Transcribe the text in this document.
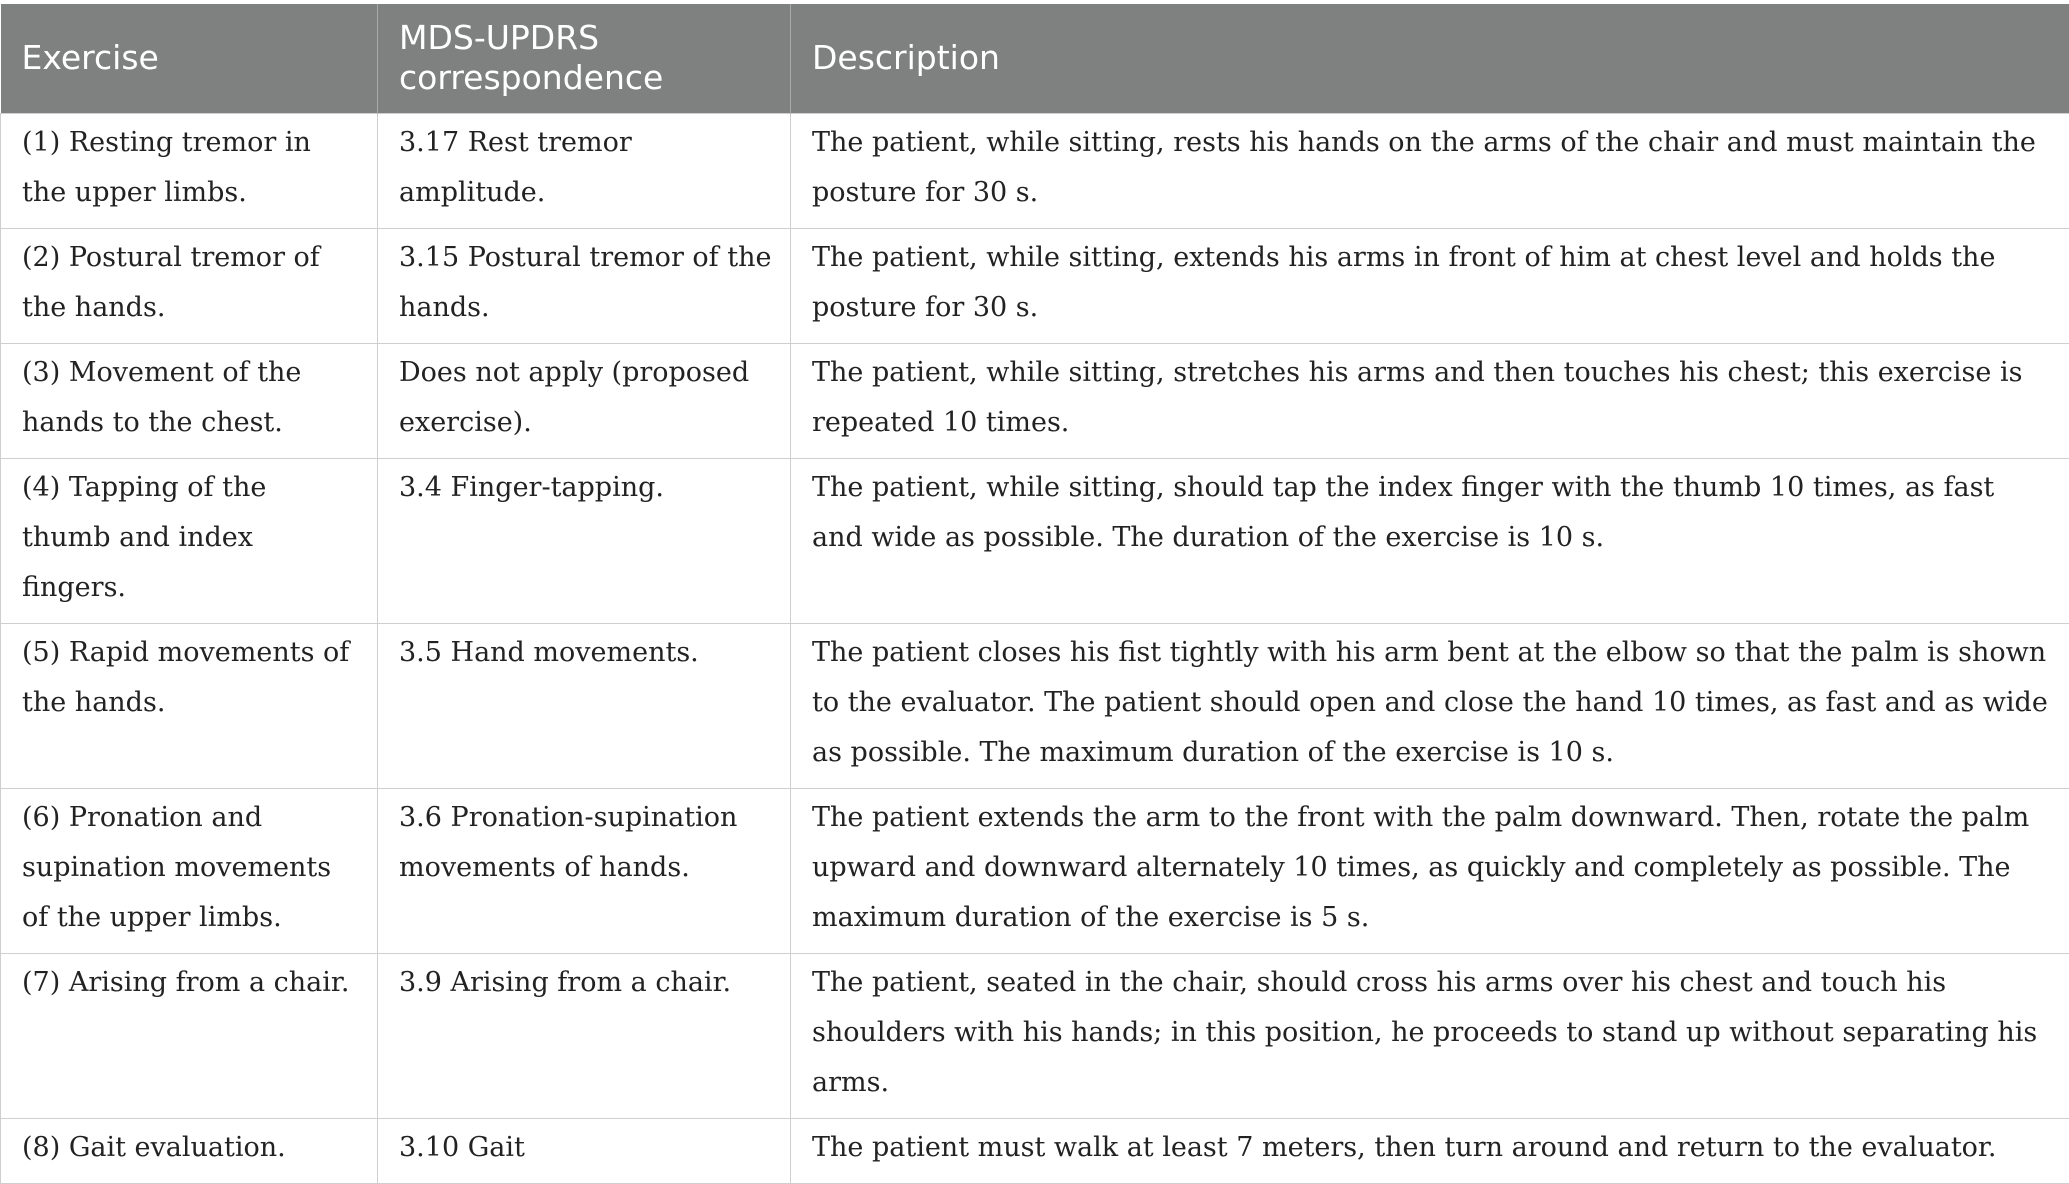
Exercise	MDS-UPDRS correspondence	Description
(1) Resting tremor in the upper limbs.	3.17 Rest tremor amplitude.	The patient, while sitting, rests his hands on the arms of the chair and must maintain the posture for 30 s.
(2) Postural tremor of the hands.	3.15 Postural tremor of the hands.	The patient, while sitting, extends his arms in front of him at chest level and holds the posture for 30 s.
(3) Movement of the hands to the chest.	Does not apply (proposed exercise).	The patient, while sitting, stretches his arms and then touches his chest; this exercise is repeated 10 times.
(4) Tapping of the thumb and index fingers.	3.4 Finger-tapping.	The patient, while sitting, should tap the index finger with the thumb 10 times, as fast and wide as possible. The duration of the exercise is 10 s.
(5) Rapid movements of the hands.	3.5 Hand movements.	The patient closes his fist tightly with his arm bent at the elbow so that the palm is shown to the evaluator. The patient should open and close the hand 10 times, as fast and as wide as possible. The maximum duration of the exercise is 10 s.
(6) Pronation and supination movements of the upper limbs.	3.6 Pronation-supination movements of hands.	The patient extends the arm to the front with the palm downward. Then, rotate the palm upward and downward alternately 10 times, as quickly and completely as possible. The maximum duration of the exercise is 5 s.
(7) Arising from a chair.	3.9 Arising from a chair.	The patient, seated in the chair, should cross his arms over his chest and touch his shoulders with his hands; in this position, he proceeds to stand up without separating his arms.
(8) Gait evaluation.	3.10 Gait	The patient must walk at least 7 meters, then turn around and return to the evaluator.
